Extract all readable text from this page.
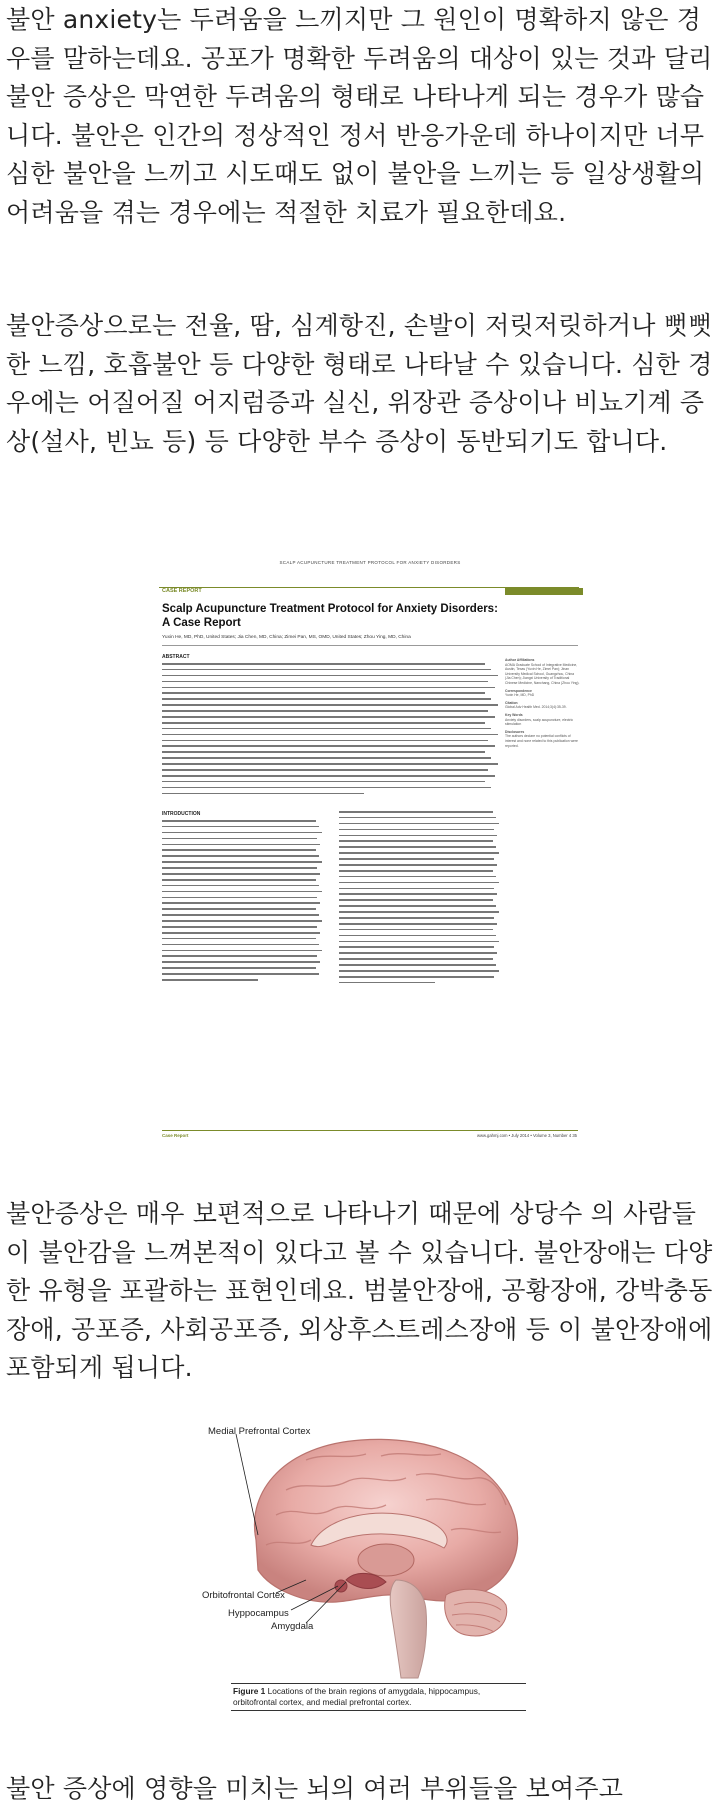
불안 anxiety는 두려움을 느끼지만 그 원인이 명확하지 않은 경우를 말하는데요. 공포가 명확한 두려움의 대상이 있는 것과 달리 불안 증상은 막연한 두려움의 형태로 나타나게 되는 경우가 많습니다. 불안은 인간의 정상적인 정서 반응가운데 하나이지만 너무 심한 불안을 느끼고 시도때도 없이 불안을 느끼는 등 일상생활의 어려움을 겪는 경우에는 적절한 치료가 필요한데요.

불안증상으로는 전율, 땀, 심계항진, 손발이 저릿저릿하거나 뻣뻣한 느낌, 호흡불안 등 다양한 형태로 나타날 수 있습니다. 심한 경우에는 어질어질 어지럼증과 실신, 위장관 증상이나 비뇨기계 증상(설사, 빈뇨 등) 등 다양한 부수 증상이 동반되기도 합니다.

SCALP ACUPUNCTURE TREATMENT PROTOCOL FOR ANXIETY DISORDERS
CASE REPORT
Scalp Acupuncture Treatment Protocol for Anxiety Disorders: A Case Report
Yuxin He, MD, PhD, United States; Jia Chen, MD, China; Zimei Pan, MS, OMD, United States; Zhou Ying, MD, China
ABSTRACT	Author Affiliations
AOMA Graduate School of Integrative Medicine, Austin, Texas (Yuxin He, Zimei Pan); Jinan University Medical School, Guangzhou, China (Jia Chen); Jiangxi University of Traditional Chinese Medicine, Nanchang, China (Zhou Ying).
Correspondence
Yuxin He, MD, PhD
Citation
Global Adv Health Med. 2014;3(4):35-39.
Key Words
Anxiety disorders, scalp acupuncture, electric stimulation
Disclosures
The authors declare no potential conflicts of interest and none related to this publication were reported.
INTRODUCTION
Case Report	www.gahmj.com • July 2014 • Volume 3, Number 4 35

불안증상은 매우 보편적으로 나타나기 때문에 상당수 의 사람들이 불안감을 느껴본적이 있다고 볼 수 있습니다. 불안장애는 다양한 유형을 포괄하는 표현인데요. 범불안장애, 공황장애, 강박충동장애, 공포증, 사회공포증, 외상후스트레스장애 등 이 불안장애에 포함되게 됩니다.

Medial Prefrontal Cortex
Orbitofrontal Cortex
Hyppocampus
Amygdala
Figure 1 Locations of the brain regions of amygdala, hippocampus, orbitofrontal cortex, and medial prefrontal cortex.

불안 증상에 영향을 미치는 뇌의 여러 부위들을 보여주고
